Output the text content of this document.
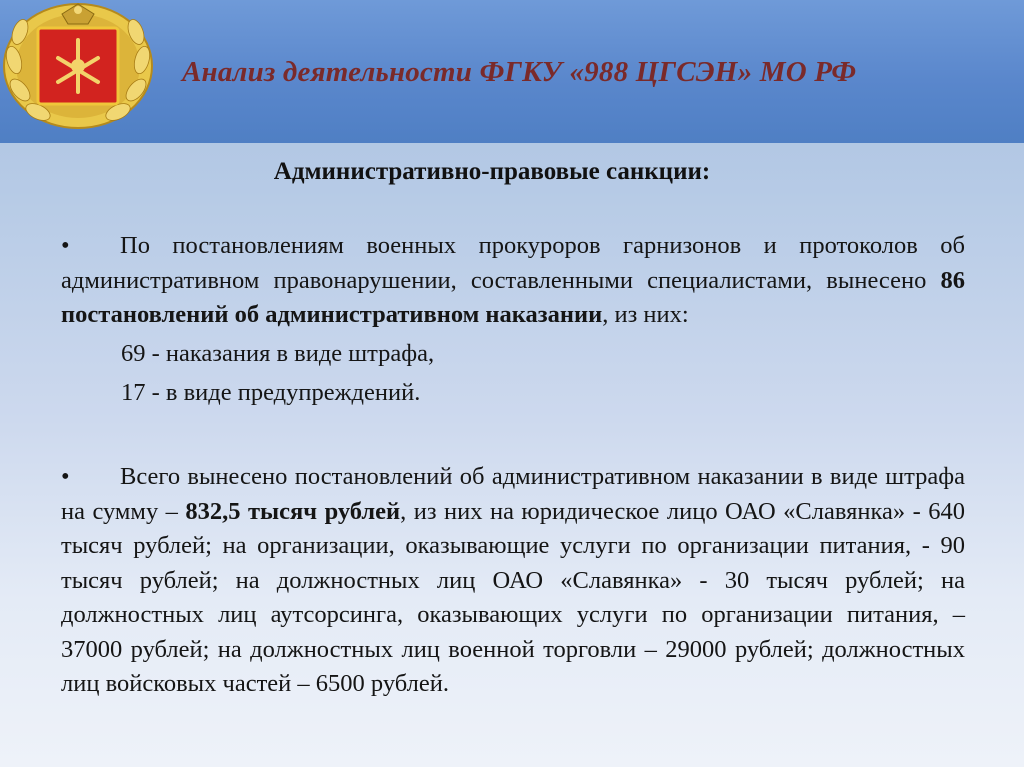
Анализ деятельности ФГКУ «988 ЦГСЭН» МО РФ
Административно-правовые санкции:
• По постановлениям военных прокуроров гарнизонов и протоколов об административном правонарушении, составленными специалистами, вынесено 86 постановлений об административном наказании, из них:
69 - наказания в виде штрафа,
17 - в виде предупреждений.
• Всего вынесено постановлений об административном наказании в виде штрафа на сумму – 832,5 тысяч рублей, из них на юридическое лицо ОАО «Славянка» - 640 тысяч рублей; на организации, оказывающие услуги по организации питания, - 90 тысяч рублей; на должностных лиц ОАО «Славянка» - 30 тысяч рублей; на должностных лиц аутсорсинга, оказывающих услуги по организации питания, – 37000 рублей; на должностных лиц военной торговли – 29000 рублей; должностных лиц войсковых частей – 6500 рублей.
